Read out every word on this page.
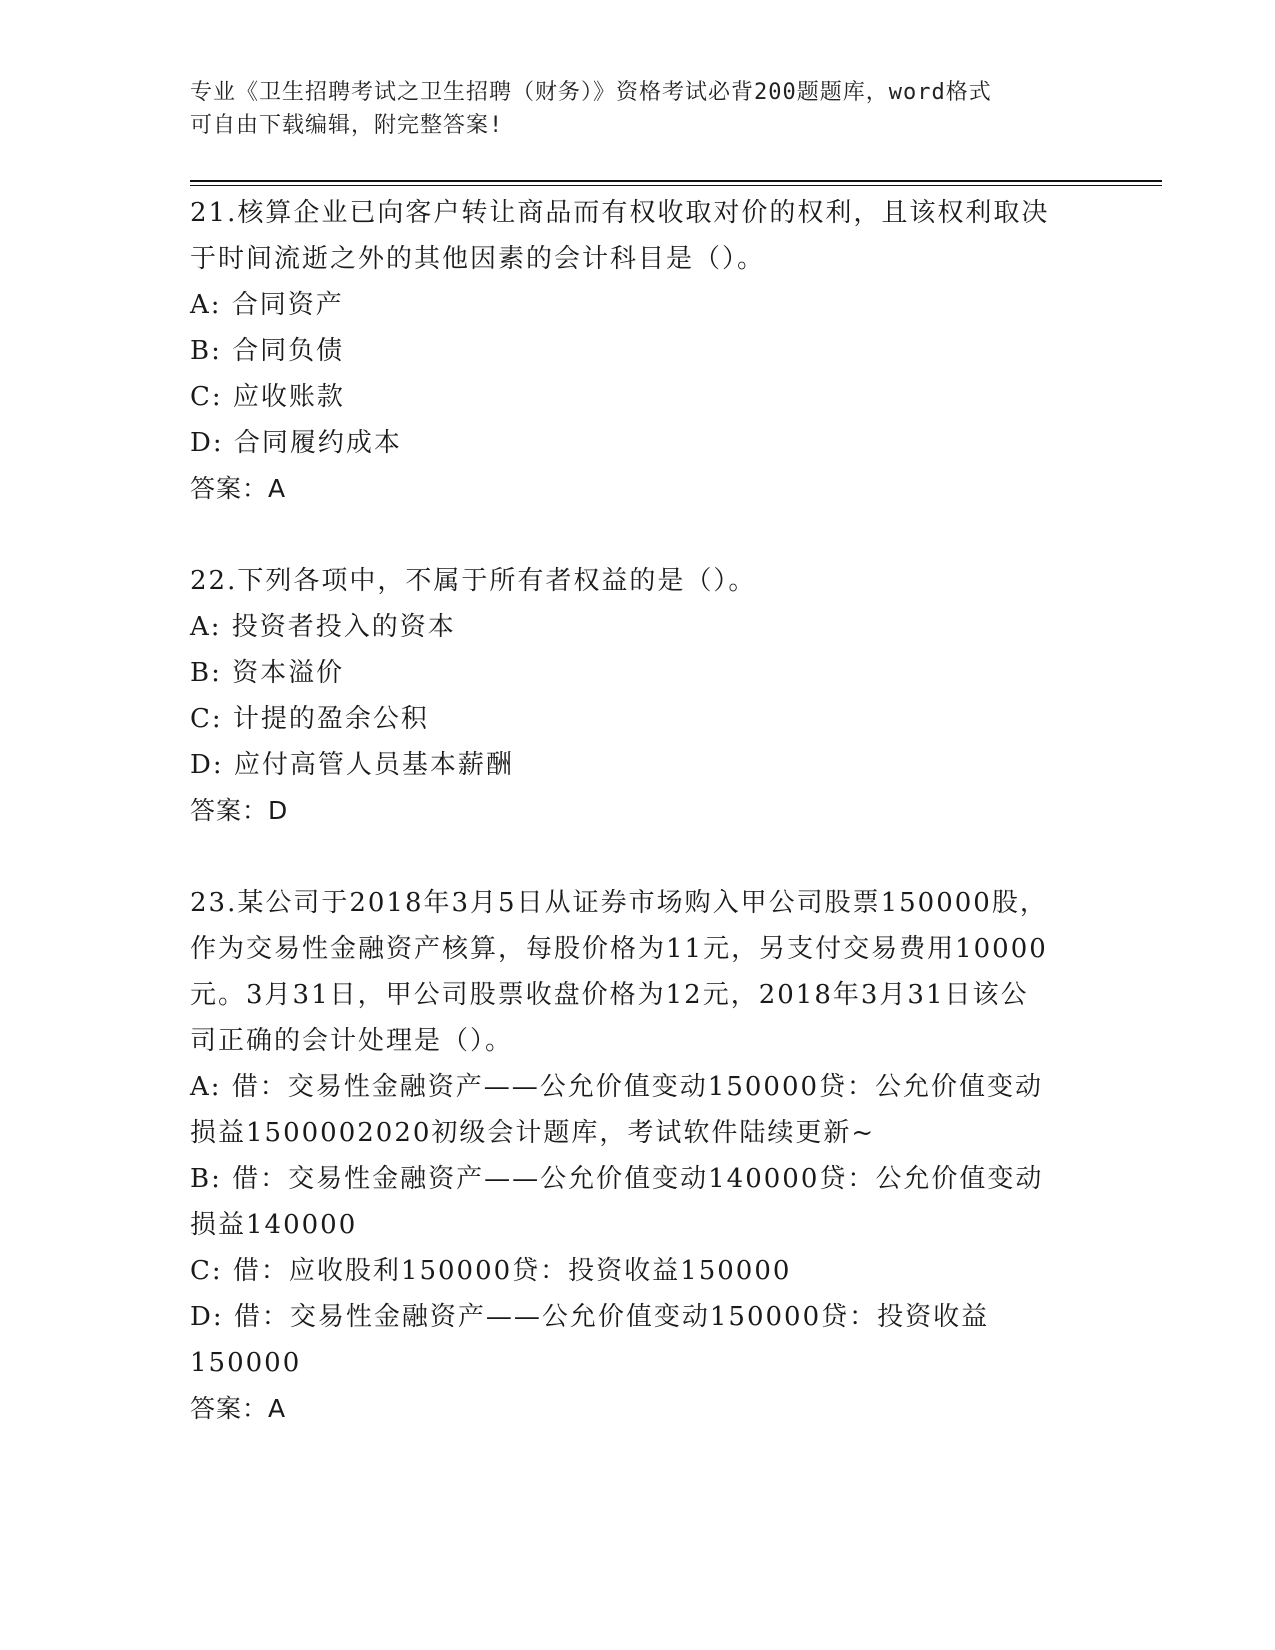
专业《卫生招聘考试之卫生招聘（财务）》资格考试必背200题题库，word格式
可自由下载编辑，附完整答案!

21.核算企业已向客户转让商品而有权收取对价的权利，且该权利取决

于时间流逝之外的其他因素的会计科目是（）。

A: 合同资产

B: 合同负债

C: 应收账款

D: 合同履约成本

答案：A

22.下列各项中，不属于所有者权益的是（）。

A: 投资者投入的资本

B: 资本溢价

C: 计提的盈余公积

D: 应付高管人员基本薪酬

答案：D

23.某公司于2018年3月5日从证券市场购入甲公司股票150000股，

作为交易性金融资产核算，每股价格为11元，另支付交易费用10000

元。3月31日，甲公司股票收盘价格为12元，2018年3月31日该公

司正确的会计处理是（）。

A: 借：交易性金融资产——公允价值变动150000贷：公允价值变动

损益1500002020初级会计题库，考试软件陆续更新~

B: 借：交易性金融资产——公允价值变动140000贷：公允价值变动

损益140000

C: 借：应收股利150000贷：投资收益150000

D: 借：交易性金融资产——公允价值变动150000贷：投资收益

150000

答案：A
